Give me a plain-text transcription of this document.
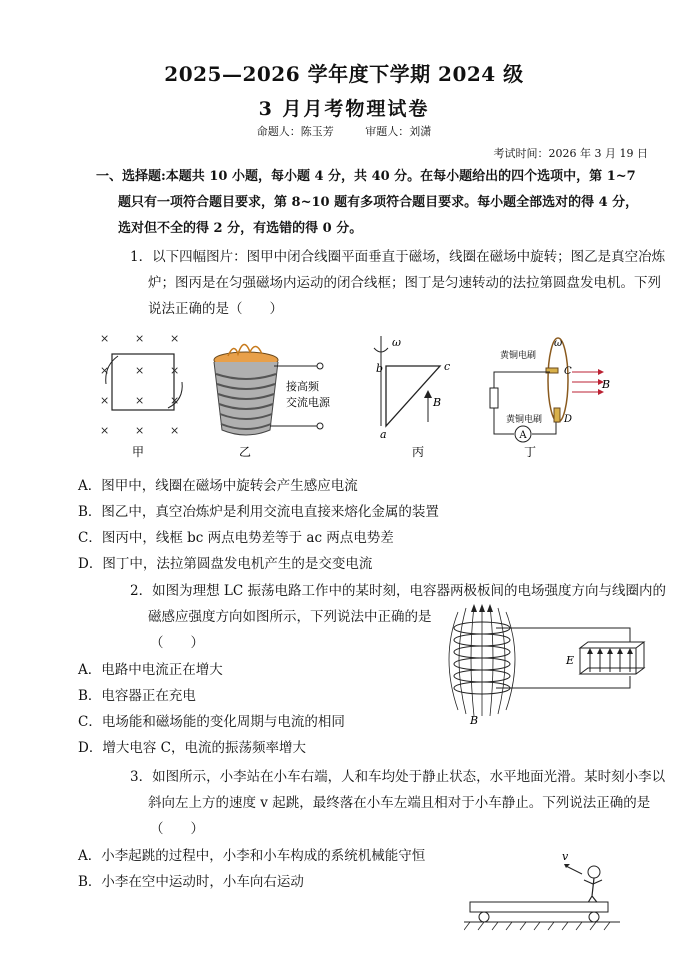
2025—2026 学年度下学期 2024 级
3 月月考物理试卷
命题人：陈玉芳	审题人：刘潇
考试时间：2026 年 3 月 19 日
一、选择题:本题共 10 小题，每小题 4 分，共 40 分。在每小题给出的四个选项中，第 1~7
题只有一项符合题目要求，第 8~10 题有多项符合题目要求。每小题全部选对的得 4 分，
选对但不全的得 2 分，有选错的得 0 分。
1．以下四幅图片：图甲中闭合线圈平面垂直于磁场，线圈在磁场中旋转；图乙是真空冶炼
炉；图丙是在匀强磁场内运动的闭合线框；图丁是匀速转动的法拉第圆盘发电机。下列
说法正确的是（　　）
× × ×
× × ×
× × ×
× × ×
甲
接高频
交流电源
乙
ω
b	c
a
B
丙
ω
C
D
黄铜电刷
黄铜电刷
B
A
丁
A．图甲中，线圈在磁场中旋转会产生感应电流
B．图乙中，真空冶炼炉是利用交流电直接来熔化金属的装置
C．图丙中，线框 bc 两点电势差等于 ac 两点电势差
D．图丁中，法拉第圆盘发电机产生的是交变电流
2．如图为理想 LC 振荡电路工作中的某时刻，电容器两极板间的电场强度方向与线圈内的
磁感应强度方向如图所示，下列说法中正确的是
（　　）
B
E
A．电路中电流正在增大
B．电容器正在充电
C．电场能和磁场能的变化周期与电流的相同
D．增大电容 C，电流的振荡频率增大
3．如图所示，小李站在小车右端，人和车均处于静止状态，水平地面光滑。某时刻小李以
斜向左上方的速度 v 起跳，最终落在小车左端且相对于小车静止。下列说法正确的是
（　　）
v
A．小李起跳的过程中，小李和小车构成的系统机械能守恒
B．小李在空中运动时，小车向右运动
